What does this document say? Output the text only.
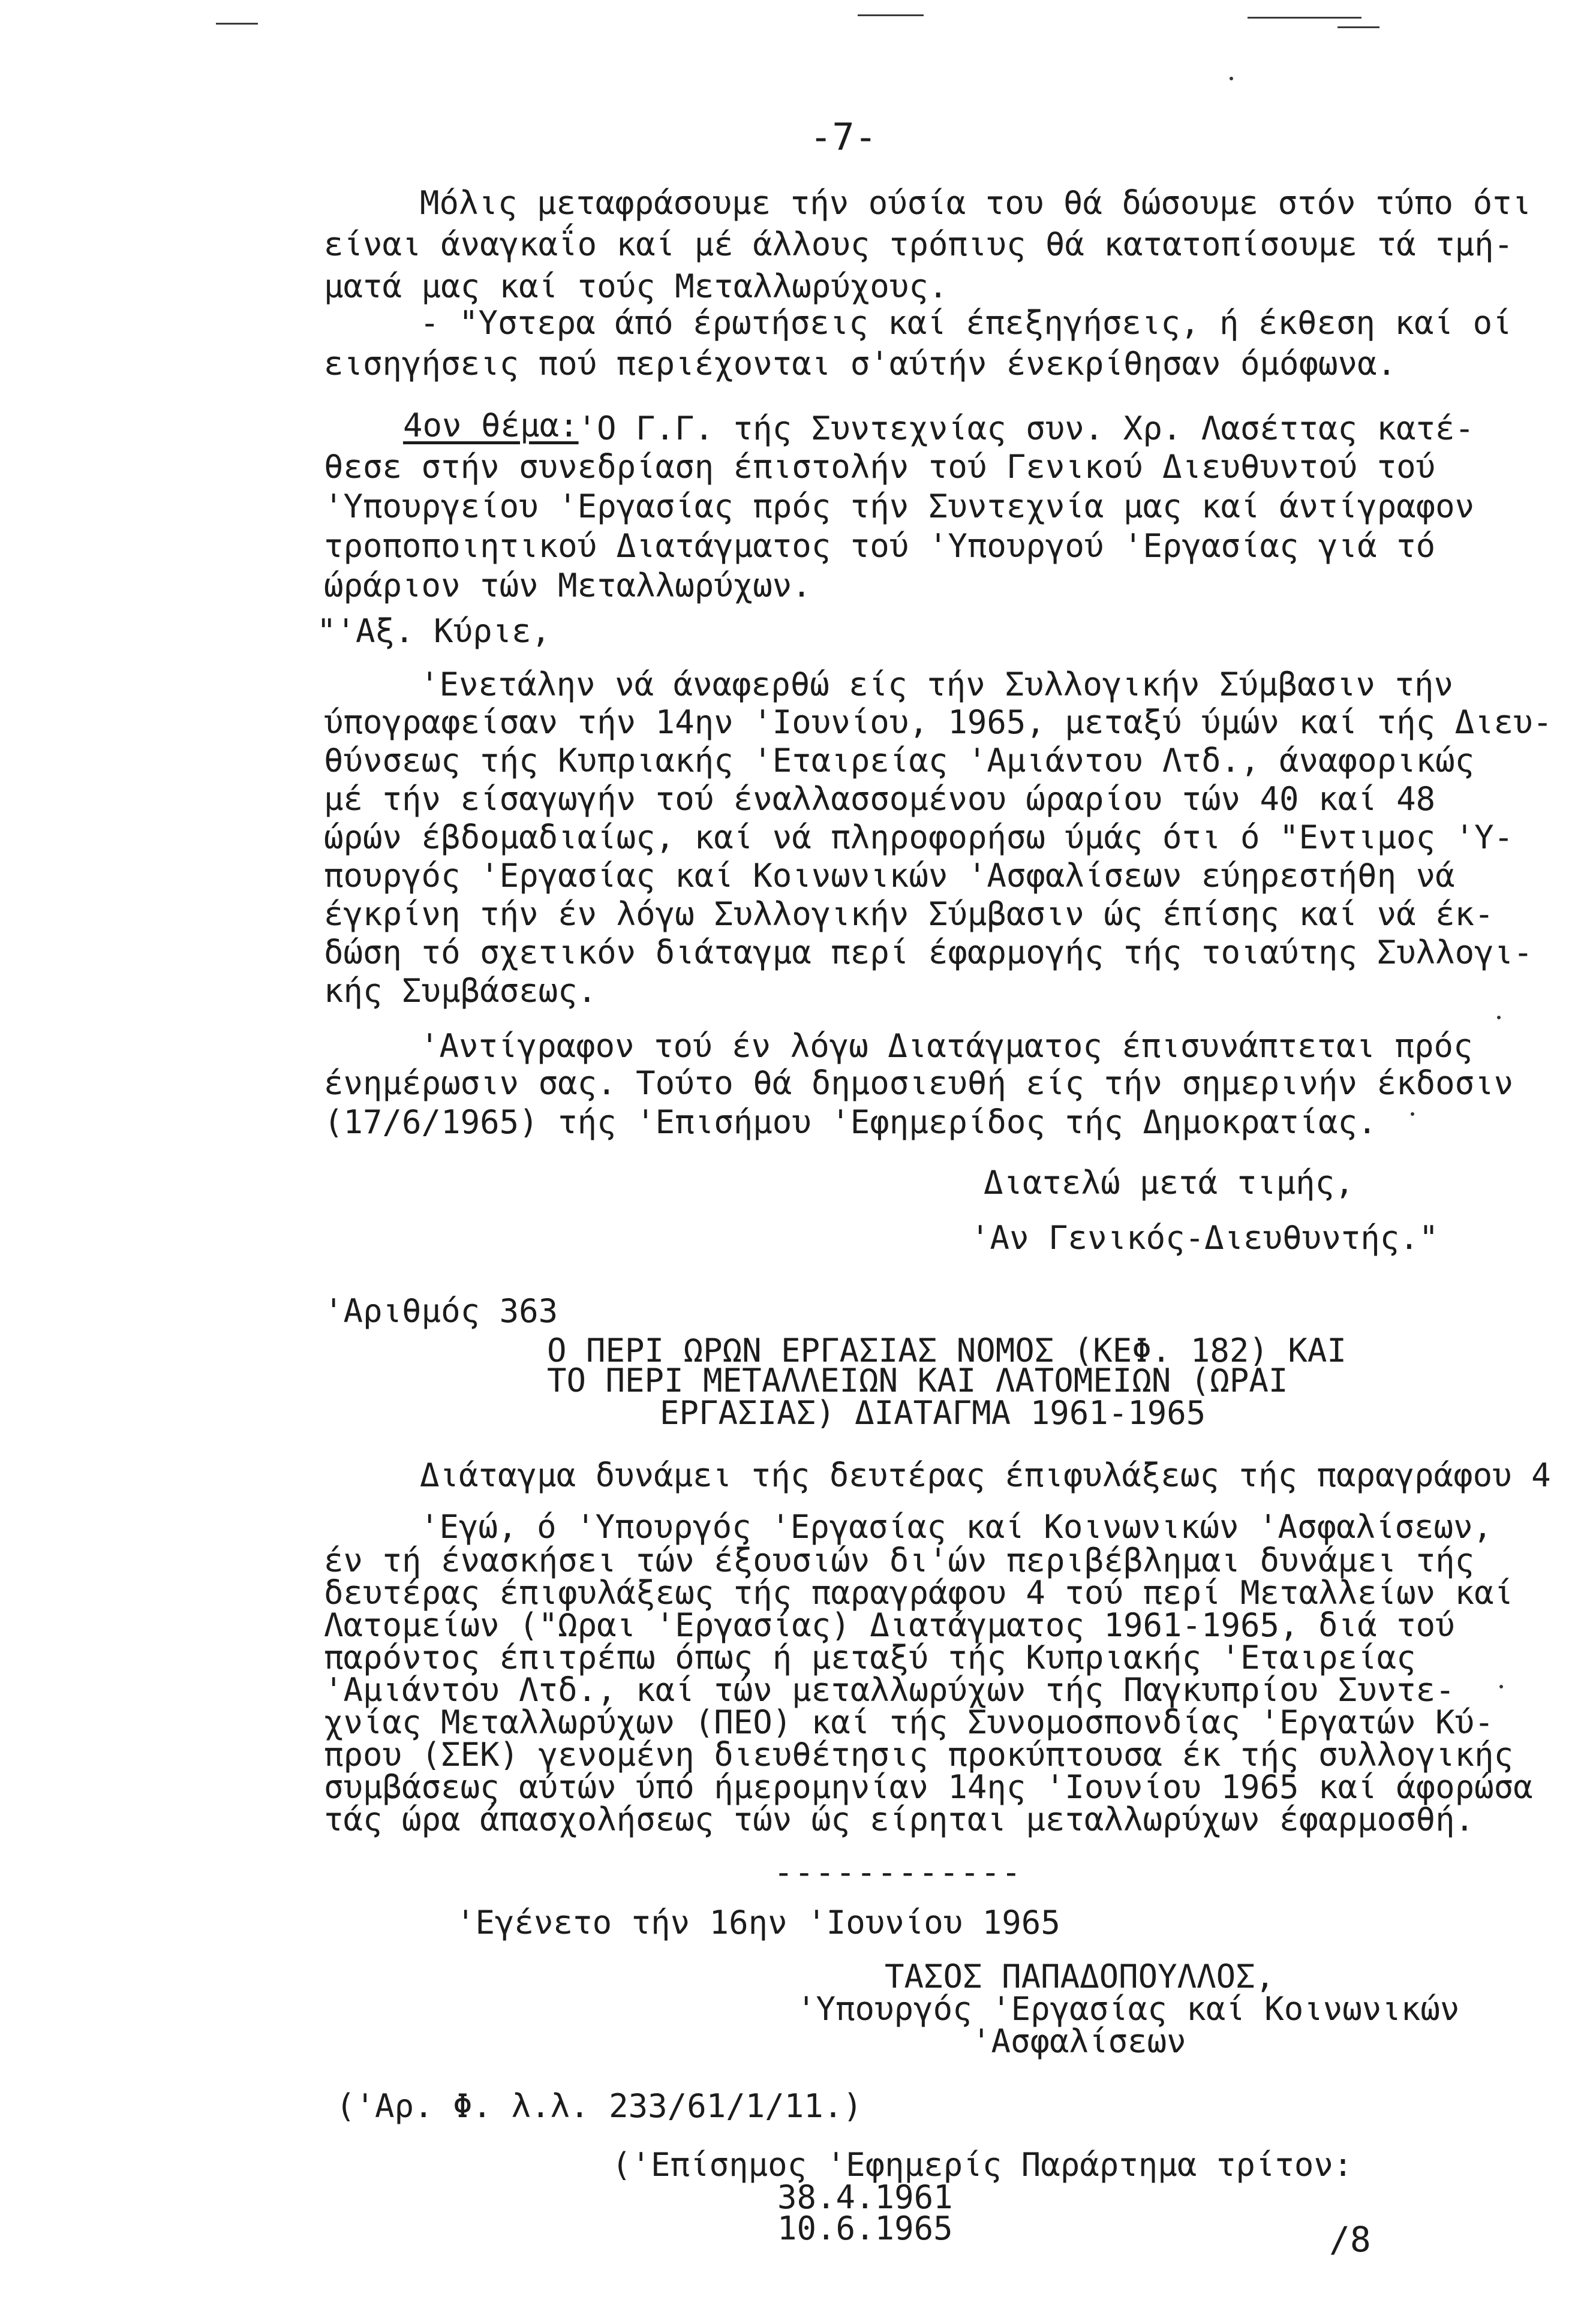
-7-
Μόλις μεταφράσουμε τήν ούσία του θά δώσουμε στόν τύπο ότι
είναι άναγκαΐο καί μέ άλλους τρόπιυς θά κατατοπίσουμε τά τμή-
ματά μας καί τούς Μεταλλωρύχους.
- "Υστερα άπό έρωτήσεις καί έπεξηγήσεις, ή έκθεση καί οί
εισηγήσεις πού περιέχονται σ'αύτήν ένεκρίθησαν όμόφωνα.
4ον θέμα:
'Ο Γ.Γ. τής Συντεχνίας συν. Χρ. Λασέττας κατέ-
θεσε στήν συνεδρίαση έπιστολήν τού Γενικού Διευθυντού τού
'Υπουργείου 'Εργασίας πρός τήν Συντεχνία μας καί άντίγραφον
τροποποιητικού Διατάγματος τού 'Υπουργού 'Εργασίας γιά τό
ώράριον τών Μεταλλωρύχων.
"'Αξ. Κύριε,
'Ενετάλην νά άναφερθώ είς τήν Συλλογικήν Σύμβασιν τήν
ύπογραφείσαν τήν 14ην 'Ιουνίου, 1965, μεταξύ ύμών καί τής Διευ-
θύνσεως τής Κυπριακής 'Εταιρείας 'Αμιάντου Λτδ., άναφορικώς
μέ τήν είσαγωγήν τού έναλλασσομένου ώραρίου τών 40 καί 48
ώρών έβδομαδιαίως, καί νά πληροφορήσω ύμάς ότι ό "Εντιμος 'Υ-
πουργός 'Εργασίας καί Κοινωνικών 'Ασφαλίσεων εύηρεστήθη νά
έγκρίνη τήν έν λόγω Συλλογικήν Σύμβασιν ώς έπίσης καί νά έκ-
δώση τό σχετικόν διάταγμα περί έφαρμογής τής τοιαύτης Συλλογι-
κής Συμβάσεως.
'Αντίγραφον τού έν λόγω Διατάγματος έπισυνάπτεται πρός
ένημέρωσιν σας. Τούτο θά δημοσιευθή είς τήν σημερινήν έκδοσιν
(17/6/1965) τής 'Επισήμου 'Εφημερίδος τής Δημοκρατίας.
Διατελώ μετά τιμής,
'Αν Γενικός-Διευθυντής."
'Αριθμός 363
Ο ΠΕΡΙ ΩΡΩΝ ΕΡΓΑΣΙΑΣ ΝΟΜΟΣ (ΚΕΦ. 182) ΚΑΙ
ΤΟ ΠΕΡΙ ΜΕΤΑΛΛΕΙΩΝ ΚΑΙ ΛΑΤΟΜΕΙΩΝ (ΩΡΑΙ
ΕΡΓΑΣΙΑΣ) ΔΙΑΤΑΓΜΑ 1961-1965
Διάταγμα δυνάμει τής δευτέρας έπιφυλάξεως τής παραγράφου 4
'Εγώ, ό 'Υπουργός 'Εργασίας καί Κοινωνικών 'Ασφαλίσεων,
έν τή ένασκήσει τών έξουσιών δι'ών περιβέβλημαι δυνάμει τής
δευτέρας έπιφυλάξεως τής παραγράφου 4 τού περί Μεταλλείων καί
Λατομείων ("Ωραι 'Εργασίας) Διατάγματος 1961-1965, διά τού
παρόντος έπιτρέπω όπως ή μεταξύ τής Κυπριακής 'Εταιρείας
'Αμιάντου Λτδ., καί τών μεταλλωρύχων τής Παγκυπρίου Συντε-
χνίας Μεταλλωρύχων (ΠΕΟ) καί τής Συνομοσπονδίας 'Εργατών Κύ-
πρου (ΣΕΚ) γενομένη διευθέτησις προκύπτουσα έκ τής συλλογικής
συμβάσεως αύτών ύπό ήμερομηνίαν 14ης 'Ιουνίου 1965 καί άφορώσα
τάς ώρα άπασχολήσεως τών ώς είρηται μεταλλωρύχων έφαρμοσθή.
------------
'Εγένετο τήν 16ην 'Ιουνίου 1965
ΤΑΣΟΣ ΠΑΠΑΔΟΠΟΥΛΛΟΣ,
'Υπουργός 'Εργασίας καί Κοινωνικών
'Ασφαλίσεων
('Αρ. Φ. λ.λ. 233/61/1/11.)
('Επίσημος 'Εφημερίς Παράρτημα τρίτον:
38.4.1961
10.6.1965	/8
